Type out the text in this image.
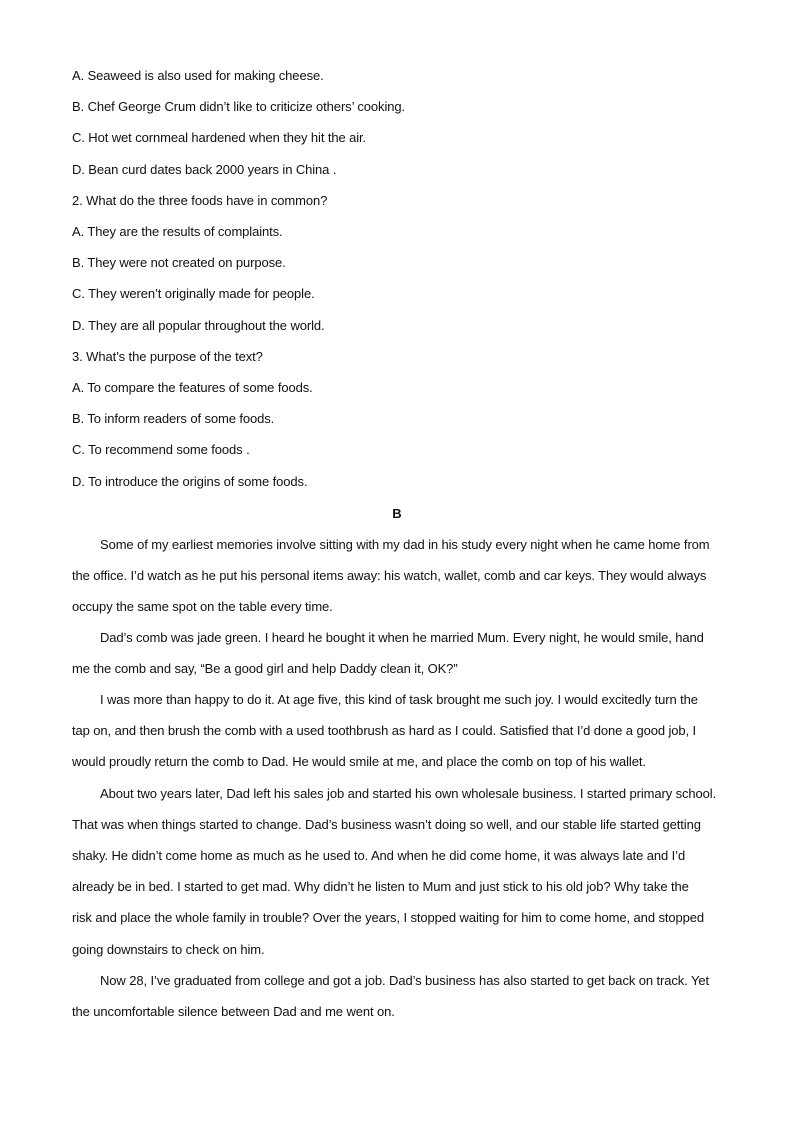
A. Seaweed is also used for making cheese.
B. Chef George Crum didn’t like to criticize others’ cooking.
C. Hot wet cornmeal hardened when they hit the air.
D. Bean curd dates back 2000 years in China .
2. What do the three foods have in common?
A. They are the results of complaints.
B. They were not created on purpose.
C. They weren’t originally made for people.
D. They are all popular throughout the world.
3. What’s the purpose of the text?
A. To compare the features of some foods.
B. To inform readers of some foods.
C. To recommend some foods .
D. To introduce the origins of some foods.
B
Some of my earliest memories involve sitting with my dad in his study every night when he came home from
the office. I’d watch as he put his personal items away: his watch, wallet, comb and car keys. They would always
occupy the same spot on the table every time.
Dad’s comb was jade green. I heard he bought it when he married Mum. Every night, he would smile, hand
me the comb and say, “Be a good girl and help Daddy clean it, OK?”
I was more than happy to do it. At age five, this kind of task brought me such joy. I would excitedly turn the
tap on, and then brush the comb with a used toothbrush as hard as I could. Satisfied that I’d done a good job, I
would proudly return the comb to Dad. He would smile at me, and place the comb on top of his wallet.
About two years later, Dad left his sales job and started his own wholesale business. I started primary school.
That was when things started to change. Dad’s business wasn’t doing so well, and our stable life started getting
shaky. He didn’t come home as much as he used to. And when he did come home, it was always late and I’d
already be in bed. I started to get mad. Why didn’t he listen to Mum and just stick to his old job? Why take the
risk and place the whole family in trouble? Over the years, I stopped waiting for him to come home, and stopped
going downstairs to check on him.
Now 28, I’ve graduated from college and got a job. Dad’s business has also started to get back on track. Yet
the uncomfortable silence between Dad and me went on.
